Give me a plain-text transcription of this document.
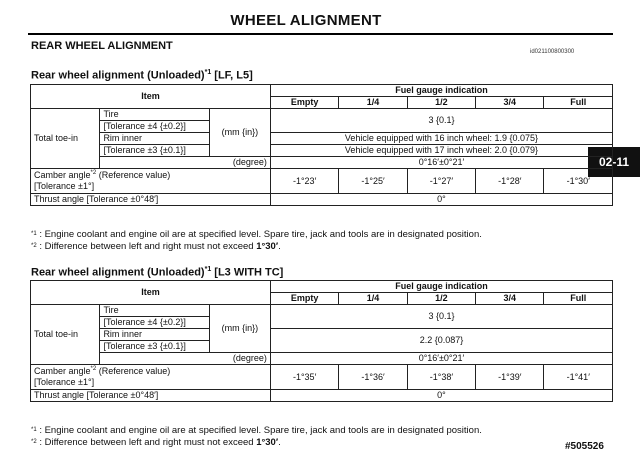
WHEEL ALIGNMENT
REAR WHEEL ALIGNMENT	id021100800300
02-11
Rear wheel alignment (Unloaded)$^{*1}$ [LF, L5]
Item			Fuel gauge indication				
			Empty	1/4	1/2	3/4	Full
Total toe-in	Tire	(mm {in})	3 {0.1}				
	[Tolerance ±4 {±0.2}]						
	Rim inner		Vehicle equipped with 16 inch wheel: 1.9 {0.075}				
	[Tolerance ±3 {±0.1}]		Vehicle equipped with 17 inch wheel: 2.0 {0.079}				
	(degree)		0°16′±0°21′				
Camber angle$^{*2}$ (Reference value)
[Tolerance ±1°]			-1°23′	-1°25′	-1°27′	-1°28′	-1°30′
Thrust angle [Tolerance ±0°48′]			0°				
$^{*1}$ : Engine coolant and engine oil are at specified level. Spare tire, jack and tools are in designated position.
$^{*2}$ : Difference between left and right must not exceed 1°30′.
Rear wheel alignment (Unloaded)$^{*1}$ [L3 WITH TC]
Item			Fuel gauge indication				
			Empty	1/4	1/2	3/4	Full
Total toe-in	Tire	(mm {in})	3 {0.1}				
	[Tolerance ±4 {±0.2}]						
	Rim inner		2.2 {0.087}				
	[Tolerance ±3 {±0.1}]						
	(degree)		0°16′±0°21′				
Camber angle$^{*2}$ (Reference value)
[Tolerance ±1°]			-1°35′	-1°36′	-1°38′	-1°39′	-1°41′
Thrust angle [Tolerance ±0°48′]			0°				
$^{*1}$ : Engine coolant and engine oil are at specified level. Spare tire, jack and tools are in designated position.
$^{*2}$ : Difference between left and right must not exceed 1°30′.	#505526
